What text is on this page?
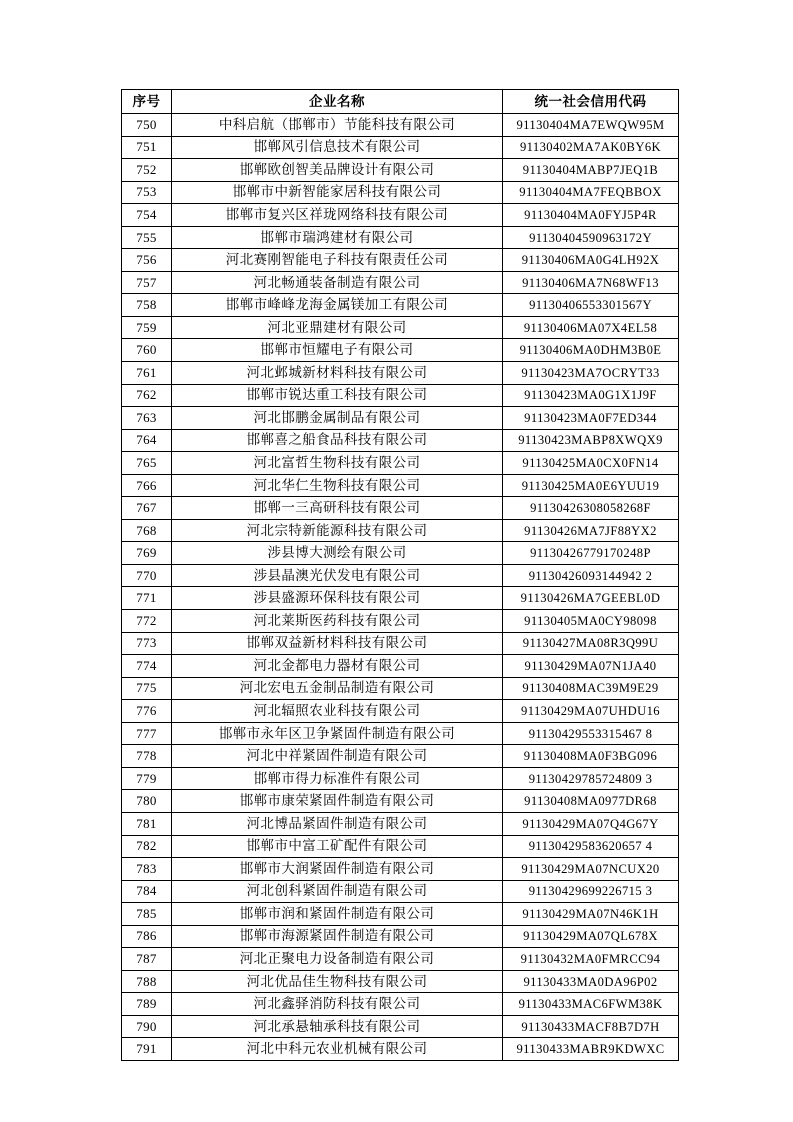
序号	企业名称	统一社会信用代码
750	中科启航（邯郸市）节能科技有限公司	91130404MA7EWQW95M
751	邯郸风引信息技术有限公司	91130402MA7AK0BY6K
752	邯郸欧创智美品牌设计有限公司	91130404MABP7JEQ1B
753	邯郸市中新智能家居科技有限公司	91130404MA7FEQBBOX
754	邯郸市复兴区祥珑网络科技有限公司	91130404MA0FYJ5P4R
755	邯郸市瑞鸿建材有限公司	91130404590963172Y
756	河北赛刚智能电子科技有限责任公司	91130406MA0G4LH92X
757	河北畅通装备制造有限公司	91130406MA7N68WF13
758	邯郸市峰峰龙海金属镁加工有限公司	91130406553301567Y
759	河北亚鼎建材有限公司	91130406MA07X4EL58
760	邯郸市恒耀电子有限公司	91130406MA0DHM3B0E
761	河北邺城新材料科技有限公司	91130423MA7OCRYT33
762	邯郸市锐达重工科技有限公司	91130423MA0G1X1J9F
763	河北邯鹏金属制品有限公司	91130423MA0F7ED344
764	邯郸喜之船食品科技有限公司	91130423MABP8XWQX9
765	河北富哲生物科技有限公司	91130425MA0CX0FN14
766	河北华仁生物科技有限公司	91130425MA0E6YUU19
767	邯郸一三高研科技有限公司	91130426308058268F
768	河北宗特新能源科技有限公司	91130426MA7JF88YX2
769	涉县博大测绘有限公司	91130426779170248P
770	涉县晶澳光伏发电有限公司	91130426093144942 2
771	涉县盛源环保科技有限公司	91130426MA7GEEBL0D
772	河北莱斯医药科技有限公司	91130405MA0CY98098
773	邯郸双益新材料科技有限公司	91130427MA08R3Q99U
774	河北金都电力器材有限公司	91130429MA07N1JA40
775	河北宏电五金制品制造有限公司	91130408MAC39M9E29
776	河北辐照农业科技有限公司	91130429MA07UHDU16
777	邯郸市永年区卫争紧固件制造有限公司	91130429553315467 8
778	河北中祥紧固件制造有限公司	91130408MA0F3BG096
779	邯郸市得力标准件有限公司	91130429785724809 3
780	邯郸市康荣紧固件制造有限公司	91130408MA0977DR68
781	河北博品紧固件制造有限公司	91130429MA07Q4G67Y
782	邯郸市中富工矿配件有限公司	91130429583620657 4
783	邯郸市大润紧固件制造有限公司	91130429MA07NCUX20
784	河北创科紧固件制造有限公司	91130429699226715 3
785	邯郸市润和紧固件制造有限公司	91130429MA07N46K1H
786	邯郸市海源紧固件制造有限公司	91130429MA07QL678X
787	河北正聚电力设备制造有限公司	91130432MA0FMRCC94
788	河北优品佳生物科技有限公司	91130433MA0DA96P02
789	河北鑫驿消防科技有限公司	91130433MAC6FWM38K
790	河北承悬轴承科技有限公司	91130433MACF8B7D7H
791	河北中科元农业机械有限公司	91130433MABR9KDWXC
